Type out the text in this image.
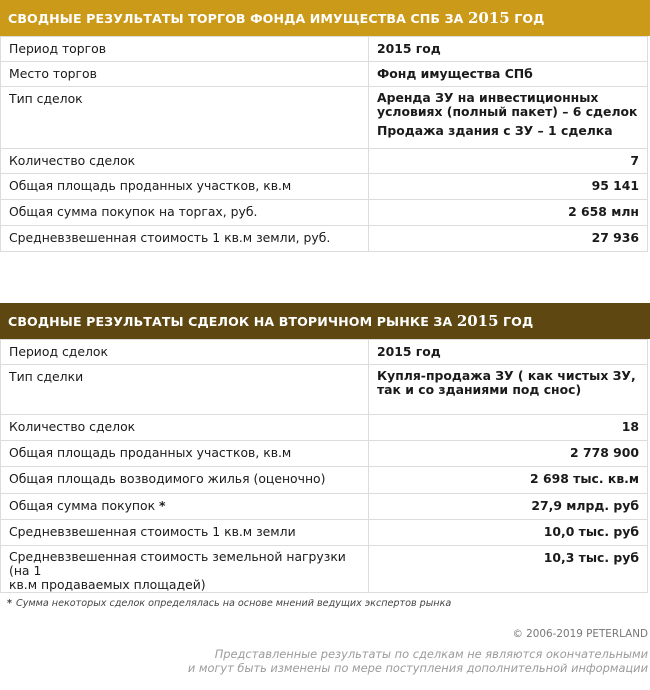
СВОДНЫЕ РЕЗУЛЬТАТЫ ТОРГОВ ФОНДА ИМУЩЕСТВА СПБ ЗА 2015 ГОД
Период торгов	2015 год
Место торгов	Фонд имущества СПб
Тип сделок	Аренда ЗУ на инвестиционных
условиях (полный пакет) – 6 сделок
Продажа здания с ЗУ – 1 сделка

Количество сделок	7
Общая площадь проданных участков, кв.м	95 141
Общая сумма покупок на торгах, руб.	2 658 млн
Средневзвешенная стоимость 1 кв.м земли, руб.	27 936
СВОДНЫЕ РЕЗУЛЬТАТЫ СДЕЛОК НА ВТОРИЧНОМ РЫНКЕ ЗА 2015 ГОД
Период сделок	2015 год
Тип сделки	Купля-продажа ЗУ ( как чистых ЗУ,
так и со зданиями под снос)

Количество сделок	18
Общая площадь проданных участков, кв.м	2 778 900
Общая площадь возводимого жилья (оценочно)	2 698 тыс. кв.м
Общая сумма покупок *	27,9 млрд. руб
Средневзвешенная стоимость 1 кв.м земли	10,0 тыс. руб

Средневзвешенная стоимость земельной нагрузки (на 1
кв.м продаваемых площадей)	10,3 тыс. руб
* Сумма некоторых сделок определялась на основе мнений ведущих экспертов рынка
© 2006-2019 PETERLAND
Представленные результаты по сделкам не являются окончательными
и могут быть изменены по мере поступления дополнительной информации
